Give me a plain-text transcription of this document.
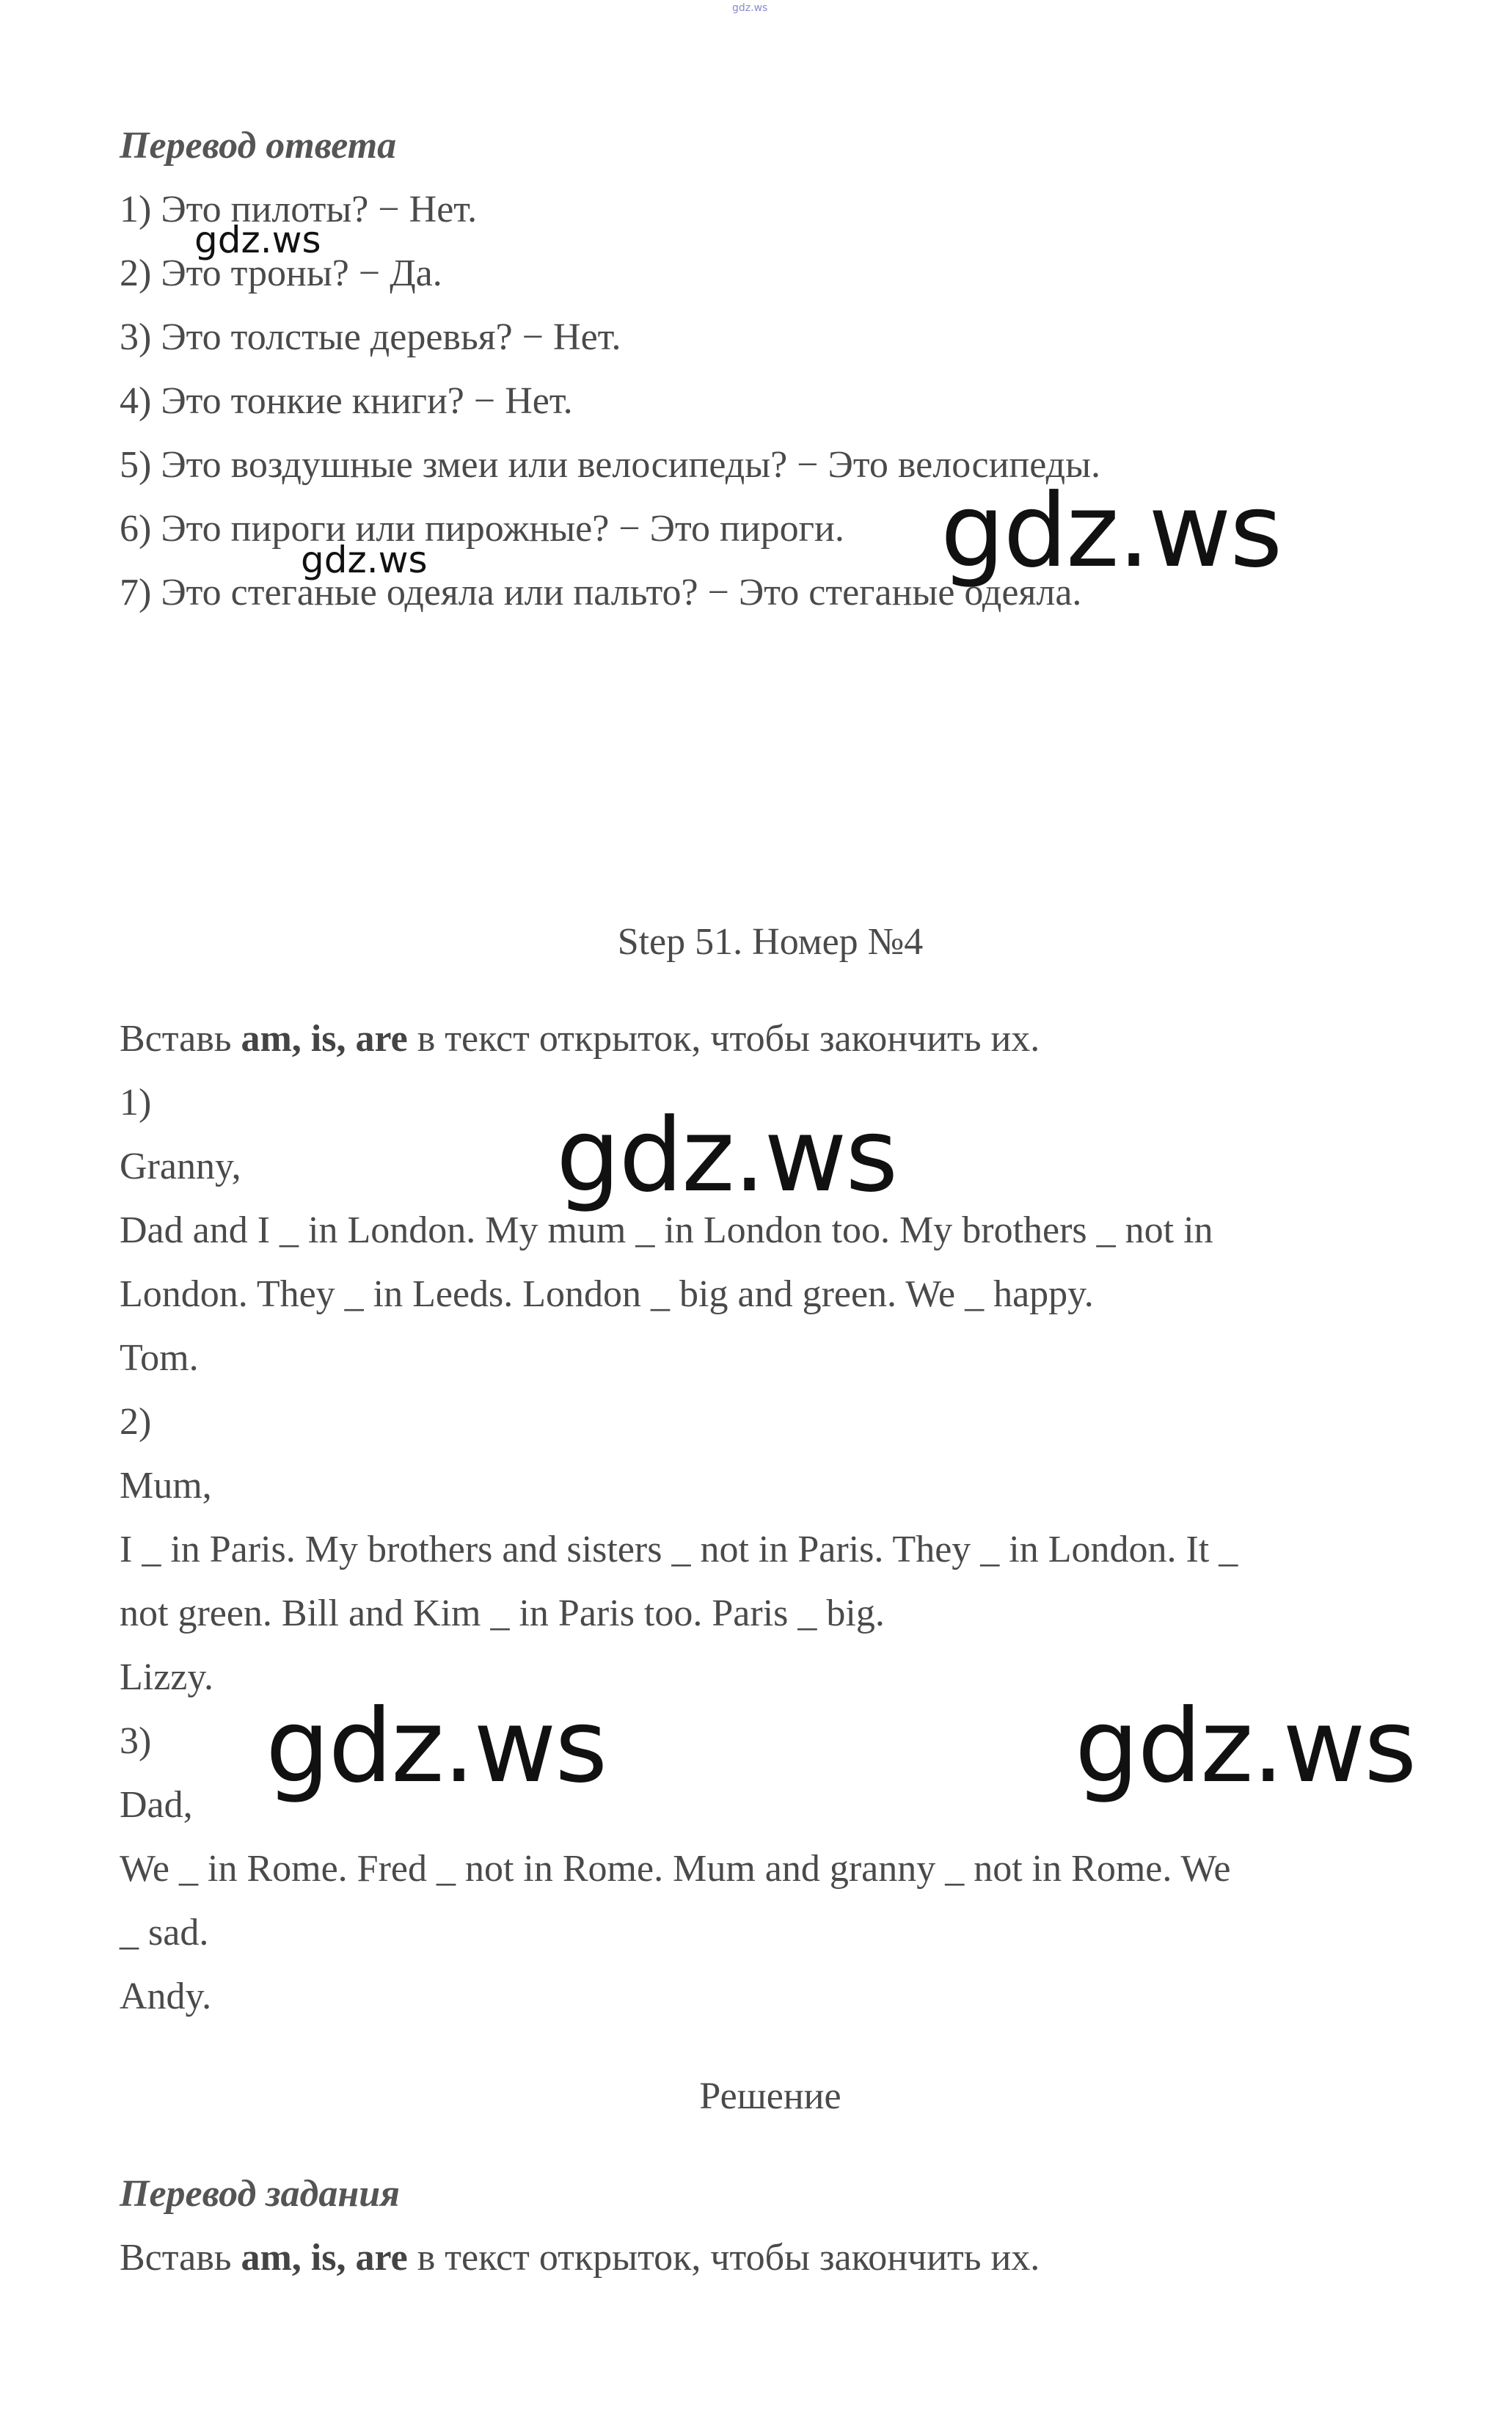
gdz.ws

Перевод ответа

1) Это пилоты? − Нет.

2) Это троны? − Да.

3) Это толстые деревья? − Нет.

4) Это тонкие книги? − Нет.

5) Это воздушные змеи или велосипеды? − Это велосипеды.

6) Это пироги или пирожные? − Это пироги.

7) Это стеганые одеяла или пальто? − Это стеганые одеяла.

Step 51. Номер №4

Вставь am, is, are в текст открыток, чтобы закончить их.

1)

Granny,

Dad and I _ in London. My mum _ in London too. My brothers _ not in

London. They _ in Leeds. London _ big and green. We _ happy.

Tom.

2)

Mum,

I _ in Paris. My brothers and sisters _ not in Paris. They _ in London. It _

not green. Bill and Kim _ in Paris too. Paris _ big.

Lizzy.

3)

Dad,

We _ in Rome. Fred _ not in Rome. Mum and granny _ not in Rome. We

_ sad.

Andy.

Решение

Перевод задания

Вставь am, is, are в текст открыток, чтобы закончить их.

gdz.ws
gdz.ws	gdz.ws
gdz.ws
gdz.ws	gdz.ws
